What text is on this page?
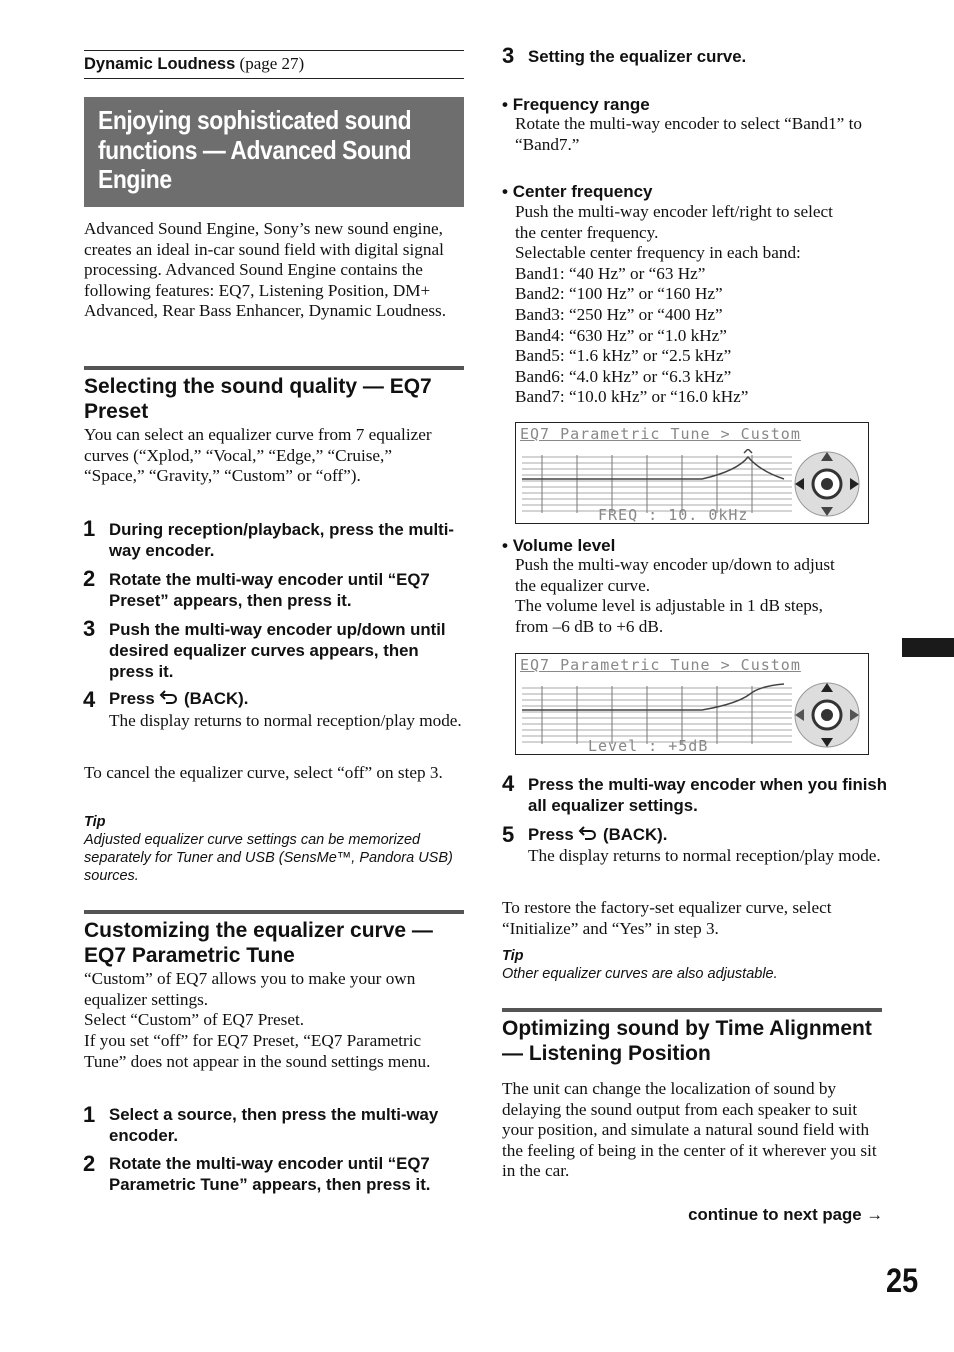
Dynamic Loudness (page 27)
Enjoying sophisticated sound functions — Advanced Sound Engine
Advanced Sound Engine, Sony’s new sound engine, creates an ideal in-car sound field with digital signal processing. Advanced Sound Engine contains the following features: EQ7, Listening Position, DM+ Advanced, Rear Bass Enhancer, Dynamic Loudness.
Selecting the sound quality — EQ7 Preset
You can select an equalizer curve from 7 equalizer curves (“Xplod,” “Vocal,” “Edge,” “Cruise,” “Space,” “Gravity,” “Custom” or “off”).
1 During reception/playback, press the multi-way encoder.
2 Rotate the multi-way encoder until “EQ7 Preset” appears, then press it.
3 Push the multi-way encoder up/down until desired equalizer curves appears, then press it.
4 Press  (BACK).
The display returns to normal reception/play mode.
To cancel the equalizer curve, select “off” on step 3.
Tip
Adjusted equalizer curve settings can be memorized separately for Tuner and USB (SensMe™, Pandora USB) sources.
Customizing the equalizer curve — EQ7 Parametric Tune
“Custom” of EQ7 allows you to make your own equalizer settings.
Select “Custom” of EQ7 Preset.
If you set “off” for EQ7 Preset, “EQ7 Parametric Tune” does not appear in the sound settings menu.
1 Select a source, then press the multi-way encoder.
2 Rotate the multi-way encoder until “EQ7 Parametric Tune” appears, then press it.
3 Setting the equalizer curve.
• Frequency range
Rotate the multi-way encoder to select “Band1” to “Band7.”
• Center frequency
Push the multi-way encoder left/right to select
the center frequency.
Selectable center frequency in each band:
Band1: “40 Hz” or “63 Hz”
Band2: “100 Hz” or “160 Hz”
Band3: “250 Hz” or “400 Hz”
Band4: “630 Hz” or “1.0 kHz”
Band5: “1.6 kHz” or “2.5 kHz”
Band6: “4.0 kHz” or “6.3 kHz”
Band7: “10.0 kHz” or “16.0 kHz”
EQ7 Parametric Tune > Custom
FREQ : 10. 0kHz
• Volume level
Push the multi-way encoder up/down to adjust
the equalizer curve.
The volume level is adjustable in 1 dB steps,
from –6 dB to +6 dB.
EQ7 Parametric Tune > Custom
Level : +5dB
4 Press the multi-way encoder when you finish all equalizer settings.
5 Press  (BACK).
The display returns to normal reception/play mode.
To restore the factory-set equalizer curve, select “Initialize” and “Yes” in step 3.
Tip
Other equalizer curves are also adjustable.
Optimizing sound by Time Alignment — Listening Position
The unit can change the localization of sound by delaying the sound output from each speaker to suit your position, and simulate a natural sound field with the feeling of being in the center of it wherever you sit in the car.
continue to next page →
25
